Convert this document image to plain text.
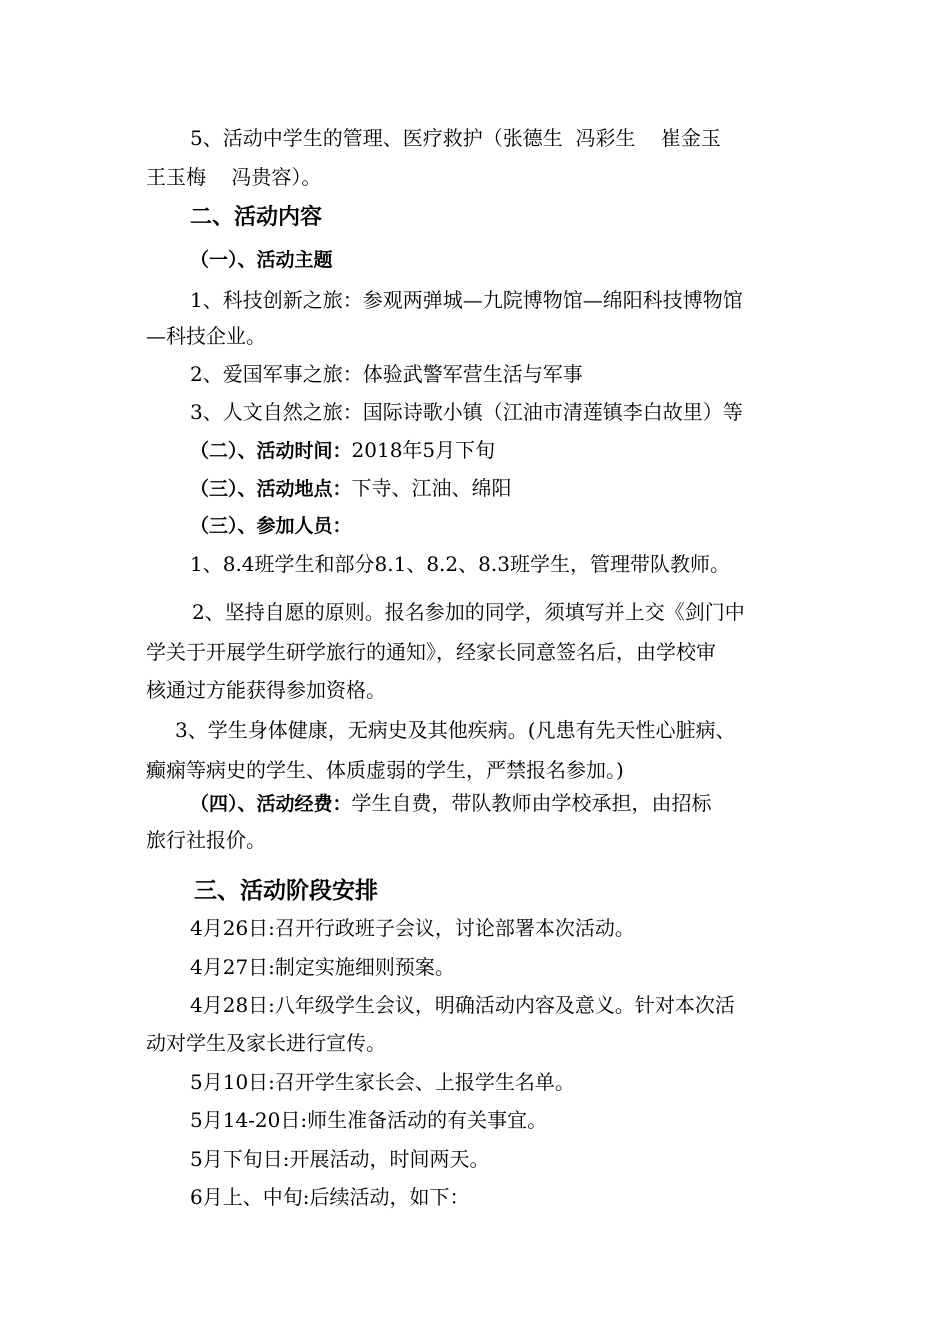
5、活动中学生的管理、医疗救护（张德生  冯彩生    崔金玉
王玉梅    冯贵容）。
二、活动内容
（一）、活动主题
1、科技创新之旅：参观两弹城—九院博物馆—绵阳科技博物馆
—科技企业。
2、爱国军事之旅：体验武警军营生活与军事
3、人文自然之旅：国际诗歌小镇（江油市清莲镇李白故里）等
（二）、活动时间：2018年5月下旬
（三）、活动地点：下寺、江油、绵阳
（三）、参加人员：
1、8.4班学生和部分8.1、8.2、8.3班学生，管理带队教师。
2、坚持自愿的原则。报名参加的同学，须填写并上交《剑门中
学关于开展学生研学旅行的通知》，经家长同意签名后，由学校审
核通过方能获得参加资格。
3、学生身体健康，无病史及其他疾病。(凡患有先天性心脏病、
癫痫等病史的学生、体质虚弱的学生，严禁报名参加。)
（四）、活动经费：学生自费，带队教师由学校承担，由招标
旅行社报价。
三、活动阶段安排
4月26日:召开行政班子会议，讨论部署本次活动。
4月27日:制定实施细则预案。
4月28日:八年级学生会议，明确活动内容及意义。针对本次活
动对学生及家长进行宣传。
5月10日:召开学生家长会、上报学生名单。
5月14-20日:师生准备活动的有关事宜。
5月下旬日:开展活动，时间两天。
6月上、中旬:后续活动，如下：
